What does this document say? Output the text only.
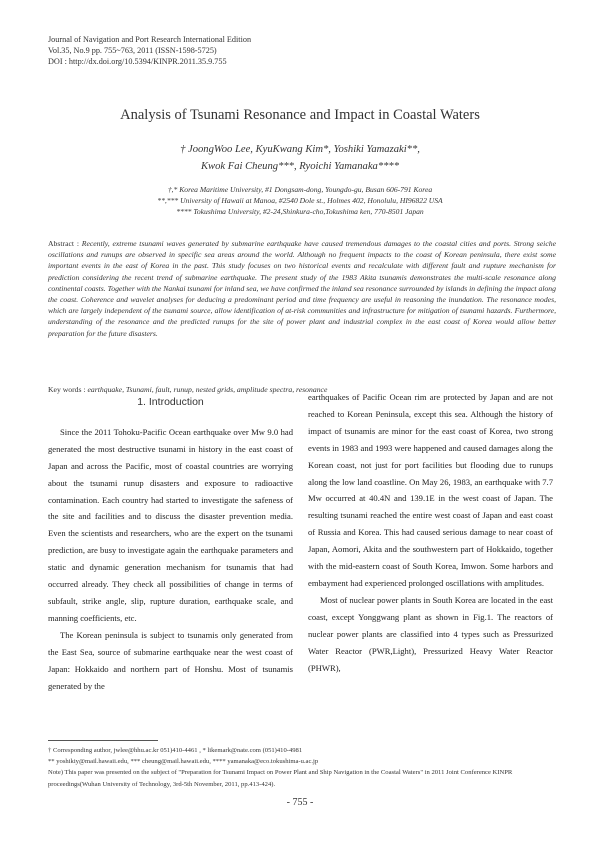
Journal of Navigation and Port Research International Edition
Vol.35, No.9 pp. 755~763, 2011 (ISSN-1598-5725)
DOI : http://dx.doi.org/10.5394/KINPR.2011.35.9.755
Analysis of Tsunami Resonance and Impact in Coastal Waters
† JoongWoo Lee, KyuKwang Kim*, Yoshiki Yamazaki**,
Kwok Fai Cheung***, Ryoichi Yamanaka****
†,* Korea Maritime University, #1 Dongsam-dong, Youngdo-gu, Busan 606-791 Korea
**,*** University of Hawaii at Manoa, #2540 Dole st., Holmes 402, Honolulu, HI96822 USA
**** Tokushima University, #2-24,Shinkura-cho,Tokushima ken, 770-8501 Japan
Abstract : Recently, extreme tsunami waves generated by submarine earthquake have caused tremendous damages to the coastal cities and ports. Strong seiche oscillations and runups are observed in specific sea areas around the world. Although no frequent impacts to the coast of Korean peninsula, there exist some important events in the east of Korea in the past. This study focuses on two historical events and recalculate with different fault and rupture mechanism for prediction considering the recent trend of submarine earthquake. The present study of the 1983 Akita tsunamis demonstrates the multi-scale resonance along continental coasts. Together with the Nankai tsunami for inland sea, we have confirmed the inland sea resonance surrounded by islands in defining the impact along the coast. Coherence and wavelet analyses for deducing a predominant period and time frequency are useful in reasoning the inundation. The resonance modes, which are largely independent of the tsunami source, allow identification of at-risk communities and infrastructure for mitigation of tsunami hazards. Furthermore, understanding of the resonance and the predicted runups for the site of power plant and industrial complex in the east coast of Korea would allow better preparation for the future disasters.
Key words : earthquake, Tsunami, fault, runup, nested grids, amplitude spectra, resonance
1. Introduction

Since the 2011 Tohoku-Pacific Ocean earthquake over Mw 9.0 had generated the most destructive tsunami in history in the east coast of Japan and across the Pacific, most of coastal countries are worrying about the tsunami runup disasters and exposure to radioactive contamination. Each country had started to investigate the safeness of the site and facilities and to discuss the disaster prevention media. Even the scientists and researchers, who are the expert on the tsunami prediction, are busy to investigate again the earthquake parameters and static and dynamic generation mechanism for tsunamis that had occurred already. They check all possibilities of change in terms of subfault, strike angle, slip, rupture duration, earthquake scale, and manning coefficients, etc.

The Korean peninsula is subject to tsunamis only generated from the East Sea, source of submarine earthquake near the west coast of Japan: Hokkaido and northern part of Honshu. Most of tsunamis generated by the

earthquakes of Pacific Ocean rim are protected by Japan and are not reached to Korean Peninsula, except this sea. Although the history of impact of tsunamis are minor for the east coast of Korea, two strong events in 1983 and 1993 were happened and caused damages along the Korean coast, not just for port facilities but flooding due to runups along the low land coastline. On May 26, 1983, an earthquake with 7.7 Mw occurred at 40.4N and 139.1E in the west coast of Japan. The resulting tsunami reached the entire west coast of Japan and east coast of Russia and Korea. This had caused serious damage to near coast of Japan, Aomori, Akita and the southwestern part of Hokkaido, together with the mid-eastern coast of South Korea, Imwon. Some harbors and embayment had experienced prolonged oscillations with amplitudes.

Most of nuclear power plants in South Korea are located in the east coast, except Yonggwang plant as shown in Fig.1. The reactors of nuclear power plants are classified into 4 types such as Pressurized Water Reactor (PWR,Light), Pressurized Heavy Water Reactor (PHWR),

† Corresponding author, jwlee@hhu.ac.kr 051)410-4461 , * likemark@nate.com (051)410-4981
** yoshikiy@mail.hawaii.edu, *** cheung@mail.hawaii.edu, **** yamanaka@eco.tokushima-u.ac.jp
Note) This paper was presented on the subject of "Preparation for Tsunami Impact on Power Plant and Ship Navigation in the Coastal Waters" in 2011 Joint Conference KINPR proceedings(Wuhan University of Technology, 3rd-5th November, 2011, pp.413-424).
- 755 -
